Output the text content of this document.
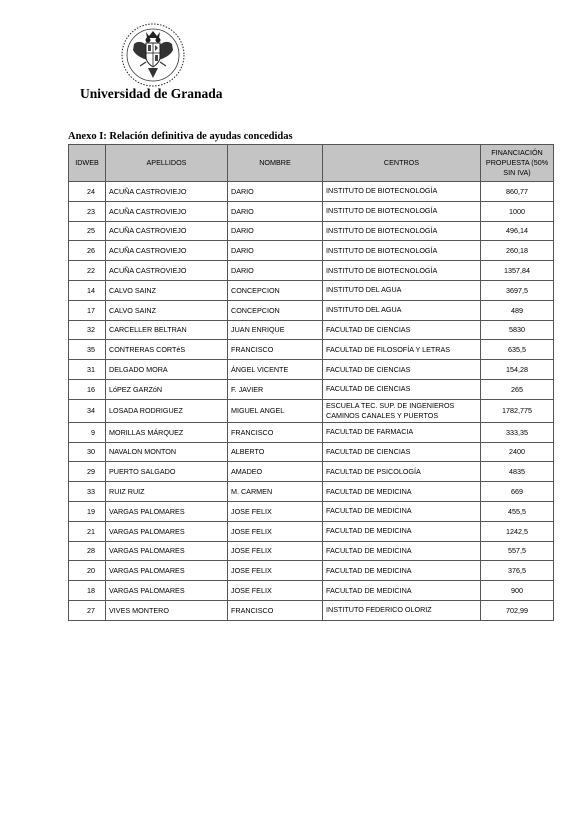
Universidad de Granada
Anexo I: Relación definitiva de ayudas concedidas
IDWEB	APELLIDOS	NOMBRE	CENTROS	FINANCIACIÓN PROPUESTA (50% SIN IVA)
24	ACUÑA CASTROVIEJO	DARIO	INSTITUTO DE BIOTECNOLOGÍA	860,77
23	ACUÑA CASTROVIEJO	DARIO	INSTITUTO DE BIOTECNOLOGÍA	1000
25	ACUÑA CASTROVIEJO	DARIO	INSTITUTO DE BIOTECNOLOGÍA	496,14
26	ACUÑA CASTROVIEJO	DARIO	INSTITUTO DE BIOTECNOLOGÍA	260,18
22	ACUÑA CASTROVIEJO	DARIO	INSTITUTO DE BIOTECNOLOGÍA	1357,84
14	CALVO SAINZ	CONCEPCION	INSTITUTO DEL AGUA	3697,5
17	CALVO SAINZ	CONCEPCION	INSTITUTO DEL AGUA	489
32	CARCELLER BELTRAN	JUAN ENRIQUE	FACULTAD DE CIENCIAS	5830
35	CONTRERAS CORTéS	FRANCISCO	FACULTAD DE FILOSOFÍA Y LETRAS	635,5
31	DELGADO MORA	ÁNGEL VICENTE	FACULTAD DE CIENCIAS	154,28
16	LóPEZ GARZóN	F. JAVIER	FACULTAD DE CIENCIAS	265
34	LOSADA RODRIGUEZ	MIGUEL ANGEL	ESCUELA TEC. SUP. DE INGENIEROS CAMINOS CANALES Y PUERTOS	1782,775
9	MORILLAS MÁRQUEZ	FRANCISCO	FACULTAD DE FARMACIA	333,35
30	NAVALON MONTON	ALBERTO	FACULTAD DE CIENCIAS	2400
29	PUERTO SALGADO	AMADEO	FACULTAD DE PSICOLOGÍA	4835
33	RUIZ RUIZ	M. CARMEN	FACULTAD DE MEDICINA	669
19	VARGAS PALOMARES	JOSE FELIX	FACULTAD DE MEDICINA	455,5
21	VARGAS PALOMARES	JOSE FELIX	FACULTAD DE MEDICINA	1242,5
28	VARGAS PALOMARES	JOSE FELIX	FACULTAD DE MEDICINA	557,5
20	VARGAS PALOMARES	JOSE FELIX	FACULTAD DE MEDICINA	376,5
18	VARGAS PALOMARES	JOSE FELIX	FACULTAD DE MEDICINA	900
27	VIVES MONTERO	FRANCISCO	INSTITUTO FEDERICO OLORIZ	702,99
